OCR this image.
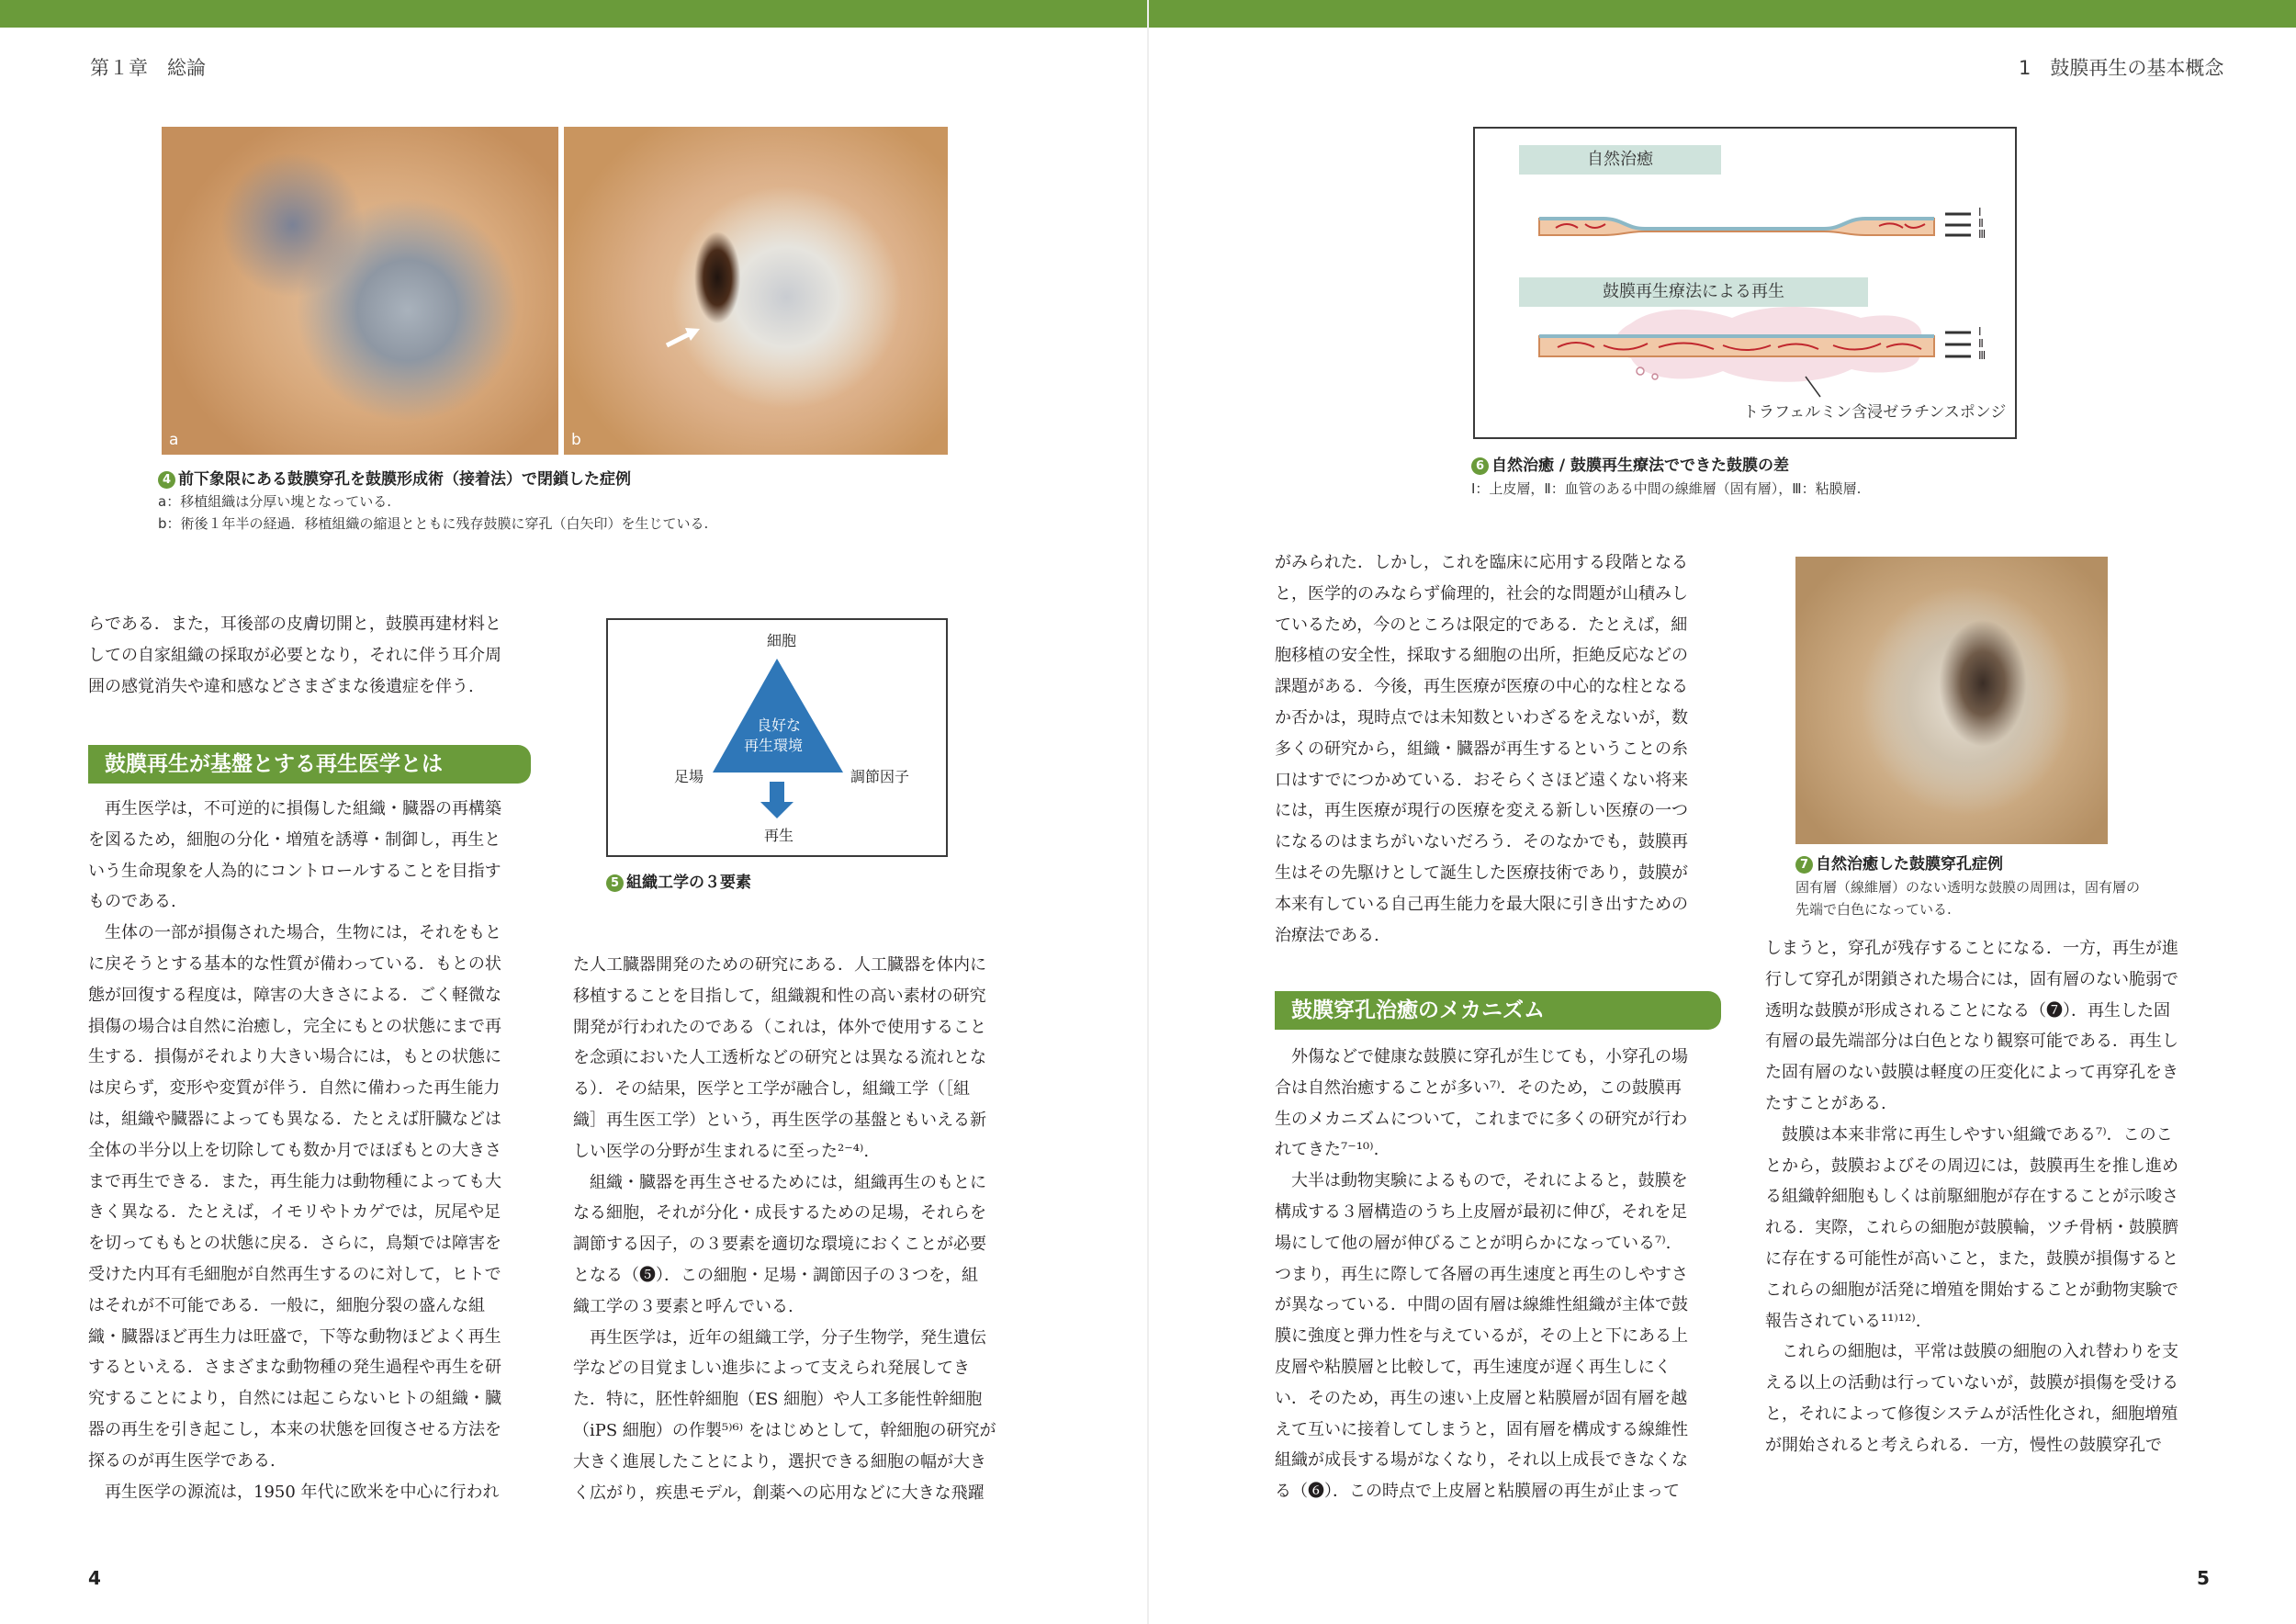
第１章　総論	1　鼓膜再生の基本概念
a	b
4 前下象限にある鼓膜穿孔を鼓膜形成術（接着法）で閉鎖した症例

a：移植組織は分厚い塊となっている.

b：術後１年半の経過．移植組織の縮退とともに残存鼓膜に穿孔（白矢印）を生じている.

細胞
良好な
再生環境
足場	調節因子
再生
5 組織工学の３要素
自然治癒
鼓膜再生療法による再生
Ⅰ
Ⅱ
Ⅲ
Ⅰ
Ⅱ
Ⅲ
トラフェルミン含浸ゼラチンスポンジ
6 自然治癒 / 鼓膜再生療法でできた鼓膜の差

Ⅰ：上皮層，Ⅱ：血管のある中間の線維層（固有層），Ⅲ：粘膜層.

7 自然治癒した鼓膜穿孔症例

固有層（線維層）のない透明な鼓膜の周囲は，固有層の

先端で白色になっている.

鼓膜再生が基盤とする再生医学とは
鼓膜穿孔治癒のメカニズム

らである．また，耳後部の皮膚切開と，鼓膜再建材料と

しての自家組織の採取が必要となり，それに伴う耳介周

囲の感覚消失や違和感などさまざまな後遺症を伴う.

　再生医学は，不可逆的に損傷した組織・臓器の再構築

を図るため，細胞の分化・増殖を誘導・制御し，再生と

いう生命現象を人為的にコントロールすることを目指す

ものである.

　生体の一部が損傷された場合，生物には，それをもと

に戻そうとする基本的な性質が備わっている．もとの状

態が回復する程度は，障害の大きさによる．ごく軽微な

損傷の場合は自然に治癒し，完全にもとの状態にまで再

生する．損傷がそれより大きい場合には，もとの状態に

は戻らず，変形や変質が伴う．自然に備わった再生能力

は，組織や臓器によっても異なる．たとえば肝臓などは

全体の半分以上を切除しても数か月でほぼもとの大きさ

まで再生できる．また，再生能力は動物種によっても大

きく異なる．たとえば，イモリやトカゲでは，尻尾や足

を切ってももとの状態に戻る．さらに，鳥類では障害を

受けた内耳有毛細胞が自然再生するのに対して，ヒトで

はそれが不可能である．一般に，細胞分裂の盛んな組

織・臓器ほど再生力は旺盛で，下等な動物ほどよく再生

するといえる．さまざまな動物種の発生過程や再生を研

究することにより，自然には起こらないヒトの組織・臓

器の再生を引き起こし，本来の状態を回復させる方法を

探るのが再生医学である.

　再生医学の源流は，1950 年代に欧米を中心に行われ

た人工臓器開発のための研究にある．人工臓器を体内に

移植することを目指して，組織親和性の高い素材の研究

開発が行われたのである（これは，体外で使用すること

を念頭においた人工透析などの研究とは異なる流れとな

る）．その結果，医学と工学が融合し，組織工学（［組

織］再生医工学）という，再生医学の基盤ともいえる新

しい医学の分野が生まれるに至った²⁻⁴⁾.

　組織・臓器を再生させるためには，組織再生のもとに

なる細胞，それが分化・成長するための足場，それらを

調節する因子，の３要素を適切な環境におくことが必要

となる（❺）．この細胞・足場・調節因子の３つを，組

織工学の３要素と呼んでいる.

　再生医学は，近年の組織工学，分子生物学，発生遺伝

学などの目覚ましい進歩によって支えられ発展してき

た．特に，胚性幹細胞（ES 細胞）や人工多能性幹細胞

（iPS 細胞）の作製⁵⁾⁶⁾ をはじめとして，幹細胞の研究が

大きく進展したことにより，選択できる細胞の幅が大き

く広がり，疾患モデル，創薬への応用などに大きな飛躍

がみられた．しかし，これを臨床に応用する段階となる

と，医学的のみならず倫理的，社会的な問題が山積みし

ているため，今のところは限定的である．たとえば，細

胞移植の安全性，採取する細胞の出所，拒絶反応などの

課題がある．今後，再生医療が医療の中心的な柱となる

か否かは，現時点では未知数といわざるをえないが，数

多くの研究から，組織・臓器が再生するということの糸

口はすでにつかめている．おそらくさほど遠くない将来

には，再生医療が現行の医療を変える新しい医療の一つ

になるのはまちがいないだろう．そのなかでも，鼓膜再

生はその先駆けとして誕生した医療技術であり，鼓膜が

本来有している自己再生能力を最大限に引き出すための

治療法である.

　外傷などで健康な鼓膜に穿孔が生じても，小穿孔の場

合は自然治癒することが多い⁷⁾．そのため，この鼓膜再

生のメカニズムについて，これまでに多くの研究が行わ

れてきた⁷⁻¹⁰⁾.

　大半は動物実験によるもので，それによると，鼓膜を

構成する３層構造のうち上皮層が最初に伸び，それを足

場にして他の層が伸びることが明らかになっている⁷⁾.

つまり，再生に際して各層の再生速度と再生のしやすさ

が異なっている．中間の固有層は線維性組織が主体で鼓

膜に強度と弾力性を与えているが，その上と下にある上

皮層や粘膜層と比較して，再生速度が遅く再生しにく

い．そのため，再生の速い上皮層と粘膜層が固有層を越

えて互いに接着してしまうと，固有層を構成する線維性

組織が成長する場がなくなり，それ以上成長できなくな

る（❻）．この時点で上皮層と粘膜層の再生が止まって

しまうと，穿孔が残存することになる．一方，再生が進

行して穿孔が閉鎖された場合には，固有層のない脆弱で

透明な鼓膜が形成されることになる（❼）．再生した固

有層の最先端部分は白色となり観察可能である．再生し

た固有層のない鼓膜は軽度の圧変化によって再穿孔をき

たすことがある.

　鼓膜は本来非常に再生しやすい組織である⁷⁾．このこ

とから，鼓膜およびその周辺には，鼓膜再生を推し進め

る組織幹細胞もしくは前駆細胞が存在することが示唆さ

れる．実際，これらの細胞が鼓膜輪，ツチ骨柄・鼓膜臍

に存在する可能性が高いこと，また，鼓膜が損傷すると

これらの細胞が活発に増殖を開始することが動物実験で

報告されている¹¹⁾¹²⁾.

　これらの細胞は，平常は鼓膜の細胞の入れ替わりを支

える以上の活動は行っていないが，鼓膜が損傷を受ける

と，それによって修復システムが活性化され，細胞増殖

が開始されると考えられる．一方，慢性の鼓膜穿孔で

4	5
